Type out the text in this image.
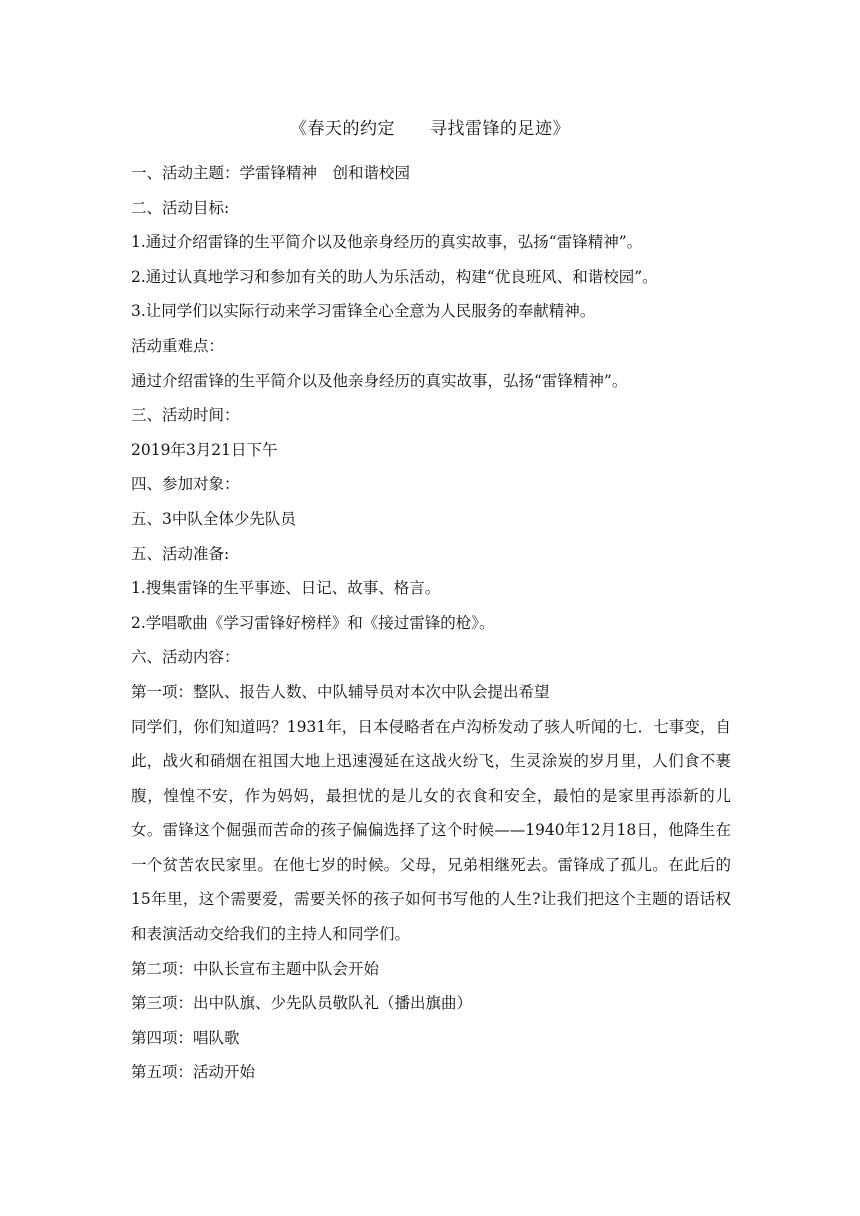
《春天的约定　　寻找雷锋的足迹》

一、活动主题：学雷锋精神　创和谐校园

二、活动目标:

1.通过介绍雷锋的生平简介以及他亲身经历的真实故事，弘扬“雷锋精神”。

2.通过认真地学习和参加有关的助人为乐活动，构建“优良班风、和谐校园”。

3.让同学们以实际行动来学习雷锋全心全意为人民服务的奉献精神。

活动重难点：

通过介绍雷锋的生平简介以及他亲身经历的真实故事，弘扬“雷锋精神”。

三、活动时间：

2019年3月21日下午

四、参加对象：

五、3中队全体少先队员

五、活动准备:

1.搜集雷锋的生平事迹、日记、故事、格言。

2.学唱歌曲《学习雷锋好榜样》和《接过雷锋的枪》。

六、活动内容：

第一项：整队、报告人数、中队辅导员对本次中队会提出希望

同学们，你们知道吗？1931年，日本侵略者在卢沟桥发动了骇人听闻的七．七事变，自此，战火和硝烟在祖国大地上迅速漫延在这战火纷飞，生灵涂炭的岁月里，人们食不裹腹，惶惶不安，作为妈妈，最担忧的是儿女的衣食和安全，最怕的是家里再添新的儿女。雷锋这个倔强而苦命的孩子偏偏选择了这个时候——1940年12月18日，他降生在一个贫苦农民家里。在他七岁的时候。父母，兄弟相继死去。雷锋成了孤儿。在此后的15年里，这个需要爱，需要关怀的孩子如何书写他的人生?让我们把这个主题的语话权和表演活动交给我们的主持人和同学们。

第二项：中队长宣布主题中队会开始

第三项：出中队旗、少先队员敬队礼（播出旗曲）

第四项：唱队歌

第五项：活动开始
